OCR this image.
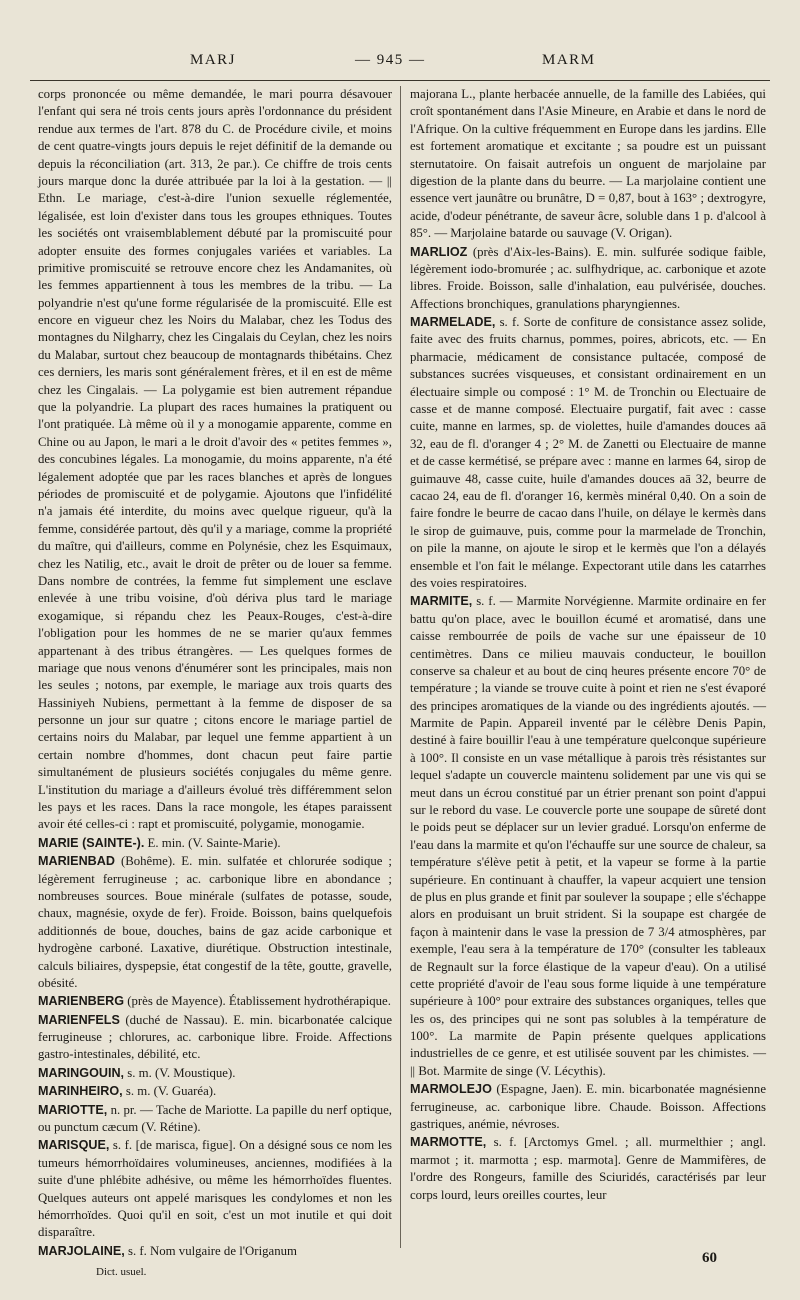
MARJ	— 945 —	MARM

corps prononcée ou même demandée, le mari pourra désavouer l'enfant qui sera né trois cents jours après l'ordonnance du président rendue aux termes de l'art. 878 du C. de Procédure civile, et moins de cent quatre-vingts jours depuis le rejet définitif de la demande ou depuis la réconciliation (art. 313, 2e par.). Ce chiffre de trois cents jours marque donc la durée attribuée par la loi à la gestation. — || Ethn. Le mariage, c'est-à-dire l'union sexuelle réglementée, légalisée, est loin d'exister dans tous les groupes ethniques. Toutes les sociétés ont vraisemblablement débuté par la promiscuité pour adopter ensuite des formes conjugales variées et variables. La primitive promiscuité se retrouve encore chez les Andamanites, où les femmes appartiennent à tous les membres de la tribu. — La polyandrie n'est qu'une forme régularisée de la promiscuité. Elle est encore en vigueur chez les Noirs du Malabar, chez les Todus des montagnes du Nilgharry, chez les Cingalais du Ceylan, chez les noirs du Malabar, surtout chez beaucoup de montagnards thibétains. Chez ces derniers, les maris sont généralement frères, et il en est de même chez les Cingalais. — La polygamie est bien autrement répandue que la polyandrie. La plupart des races humaines la pratiquent ou l'ont pratiquée. Là même où il y a monogamie apparente, comme en Chine ou au Japon, le mari a le droit d'avoir des « petites femmes », des concubines légales. La monogamie, du moins apparente, n'a été légalement adoptée que par les races blanches et après de longues périodes de promiscuité et de polygamie. Ajoutons que l'infidélité n'a jamais été interdite, du moins avec quelque rigueur, qu'à la femme, considérée partout, dès qu'il y a mariage, comme la propriété du maître, qui d'ailleurs, comme en Polynésie, chez les Esquimaux, chez les Natilig, etc., avait le droit de prêter ou de louer sa femme. Dans nombre de contrées, la femme fut simplement une esclave enlevée à une tribu voisine, d'où dériva plus tard le mariage exogamique, si répandu chez les Peaux-Rouges, c'est-à-dire l'obligation pour les hommes de ne se marier qu'aux femmes appartenant à des tribus étrangères. — Les quelques formes de mariage que nous venons d'énumérer sont les principales, mais non les seules ; notons, par exemple, le mariage aux trois quarts des Hassiniyeh Nubiens, permettant à la femme de disposer de sa personne un jour sur quatre ; citons encore le mariage partiel de certains noirs du Malabar, par lequel une femme appartient à un certain nombre d'hommes, dont chacun peut faire partie simultanément de plusieurs sociétés conjugales du même genre. L'institution du mariage a d'ailleurs évolué très différemment selon les pays et les races. Dans la race mongole, les étapes paraissent avoir été celles-ci : rapt et promiscuité, polygamie, monogamie.

MARIE (SAINTE-). E. min. (V. Sainte-Marie).

MARIENBAD (Bohême). E. min. sulfatée et chlorurée sodique ; légèrement ferrugineuse ; ac. carbonique libre en abondance ; nombreuses sources. Boue minérale (sulfates de potasse, soude, chaux, magnésie, oxyde de fer). Froide. Boisson, bains quelquefois additionnés de boue, douches, bains de gaz acide carbonique et hydrogène carboné. Laxative, diurétique. Obstruction intestinale, calculs biliaires, dyspepsie, état congestif de la tête, goutte, gravelle, obésité.

MARIENBERG (près de Mayence). Établissement hydrothérapique.

MARIENFELS (duché de Nassau). E. min. bicarbonatée calcique ferrugineuse ; chlorures, ac. carbonique libre. Froide. Affections gastro-intestinales, débilité, etc.

MARINGOUIN, s. m. (V. Moustique).

MARINHEIRO, s. m. (V. Guaréa).

MARIOTTE, n. pr. — Tache de Mariotte. La papille du nerf optique, ou punctum cæcum (V. Rétine).

MARISQUE, s. f. [de marisca, figue]. On a désigné sous ce nom les tumeurs hémorrhoïdaires volumineuses, anciennes, modifiées à la suite d'une phlébite adhésive, ou même les hémorrhoïdes fluentes. Quelques auteurs ont appelé marisques les condylomes et non les hémorrhoïdes. Quoi qu'il en soit, c'est un mot inutile et qui doit disparaître.

MARJOLAINE, s. f. Nom vulgaire de l'Origanum

majorana L., plante herbacée annuelle, de la famille des Labiées, qui croît spontanément dans l'Asie Mineure, en Arabie et dans le nord de l'Afrique. On la cultive fréquemment en Europe dans les jardins. Elle est fortement aromatique et excitante ; sa poudre est un puissant sternutatoire. On faisait autrefois un onguent de marjolaine par digestion de la plante dans du beurre. — La marjolaine contient une essence vert jaunâtre ou brunâtre, D = 0,87, bout à 163° ; dextrogyre, acide, d'odeur pénétrante, de saveur âcre, soluble dans 1 p. d'alcool à 85°. — Marjolaine batarde ou sauvage (V. Origan).

MARLIOZ (près d'Aix-les-Bains). E. min. sulfurée sodique faible, légèrement iodo-bromurée ; ac. sulfhydrique, ac. carbonique et azote libres. Froide. Boisson, salle d'inhalation, eau pulvérisée, douches. Affections bronchiques, granulations pharyngiennes.

MARMELADE, s. f. Sorte de confiture de consistance assez solide, faite avec des fruits charnus, pommes, poires, abricots, etc. — En pharmacie, médicament de consistance pultacée, composé de substances sucrées visqueuses, et consistant ordinairement en un électuaire simple ou composé : 1° M. de Tronchin ou Electuaire de casse et de manne composé. Electuaire purgatif, fait avec : casse cuite, manne en larmes, sp. de violettes, huile d'amandes douces aā 32, eau de fl. d'oranger 4 ; 2° M. de Zanetti ou Electuaire de manne et de casse kermétisé, se prépare avec : manne en larmes 64, sirop de guimauve 48, casse cuite, huile d'amandes douces aā 32, beurre de cacao 24, eau de fl. d'oranger 16, kermès minéral 0,40. On a soin de faire fondre le beurre de cacao dans l'huile, on délaye le kermès dans le sirop de guimauve, puis, comme pour la marmelade de Tronchin, on pile la manne, on ajoute le sirop et le kermès que l'on a délayés ensemble et l'on fait le mélange. Expectorant utile dans les catarrhes des voies respiratoires.

MARMITE, s. f. — Marmite Norvégienne. Marmite ordinaire en fer battu qu'on place, avec le bouillon écumé et aromatisé, dans une caisse rembourrée de poils de vache sur une épaisseur de 10 centimètres. Dans ce milieu mauvais conducteur, le bouillon conserve sa chaleur et au bout de cinq heures présente encore 70° de température ; la viande se trouve cuite à point et rien ne s'est évaporé des principes aromatiques de la viande ou des ingrédients ajoutés. — Marmite de Papin. Appareil inventé par le célèbre Denis Papin, destiné à faire bouillir l'eau à une température quelconque supérieure à 100°. Il consiste en un vase métallique à parois très résistantes sur lequel s'adapte un couvercle maintenu solidement par une vis qui se meut dans un écrou constitué par un étrier prenant son point d'appui sur le rebord du vase. Le couvercle porte une soupape de sûreté dont le poids peut se déplacer sur un levier gradué. Lorsqu'on enferme de l'eau dans la marmite et qu'on l'échauffe sur une source de chaleur, sa température s'élève petit à petit, et la vapeur se forme à la partie supérieure. En continuant à chauffer, la vapeur acquiert une tension de plus en plus grande et finit par soulever la soupape ; elle s'échappe alors en produisant un bruit strident. Si la soupape est chargée de façon à maintenir dans le vase la pression de 7 3/4 atmosphères, par exemple, l'eau sera à la température de 170° (consulter les tableaux de Regnault sur la force élastique de la vapeur d'eau). On a utilisé cette propriété d'avoir de l'eau sous forme liquide à une température supérieure à 100° pour extraire des substances organiques, telles que les os, des principes qui ne sont pas solubles à la température de 100°. La marmite de Papin présente quelques applications industrielles de ce genre, et est utilisée souvent par les chimistes. — || Bot. Marmite de singe (V. Lécythis).

MARMOLEJO (Espagne, Jaen). E. min. bicarbonatée magnésienne ferrugineuse, ac. carbonique libre. Chaude. Boisson. Affections gastriques, anémie, névroses.

MARMOTTE, s. f. [Arctomys Gmel. ; all. murmelthier ; angl. marmot ; it. marmotta ; esp. marmota]. Genre de Mammifères, de l'ordre des Rongeurs, famille des Sciuridés, caractérisés par leur corps lourd, leurs oreilles courtes, leur

Dict. usuel.
60
